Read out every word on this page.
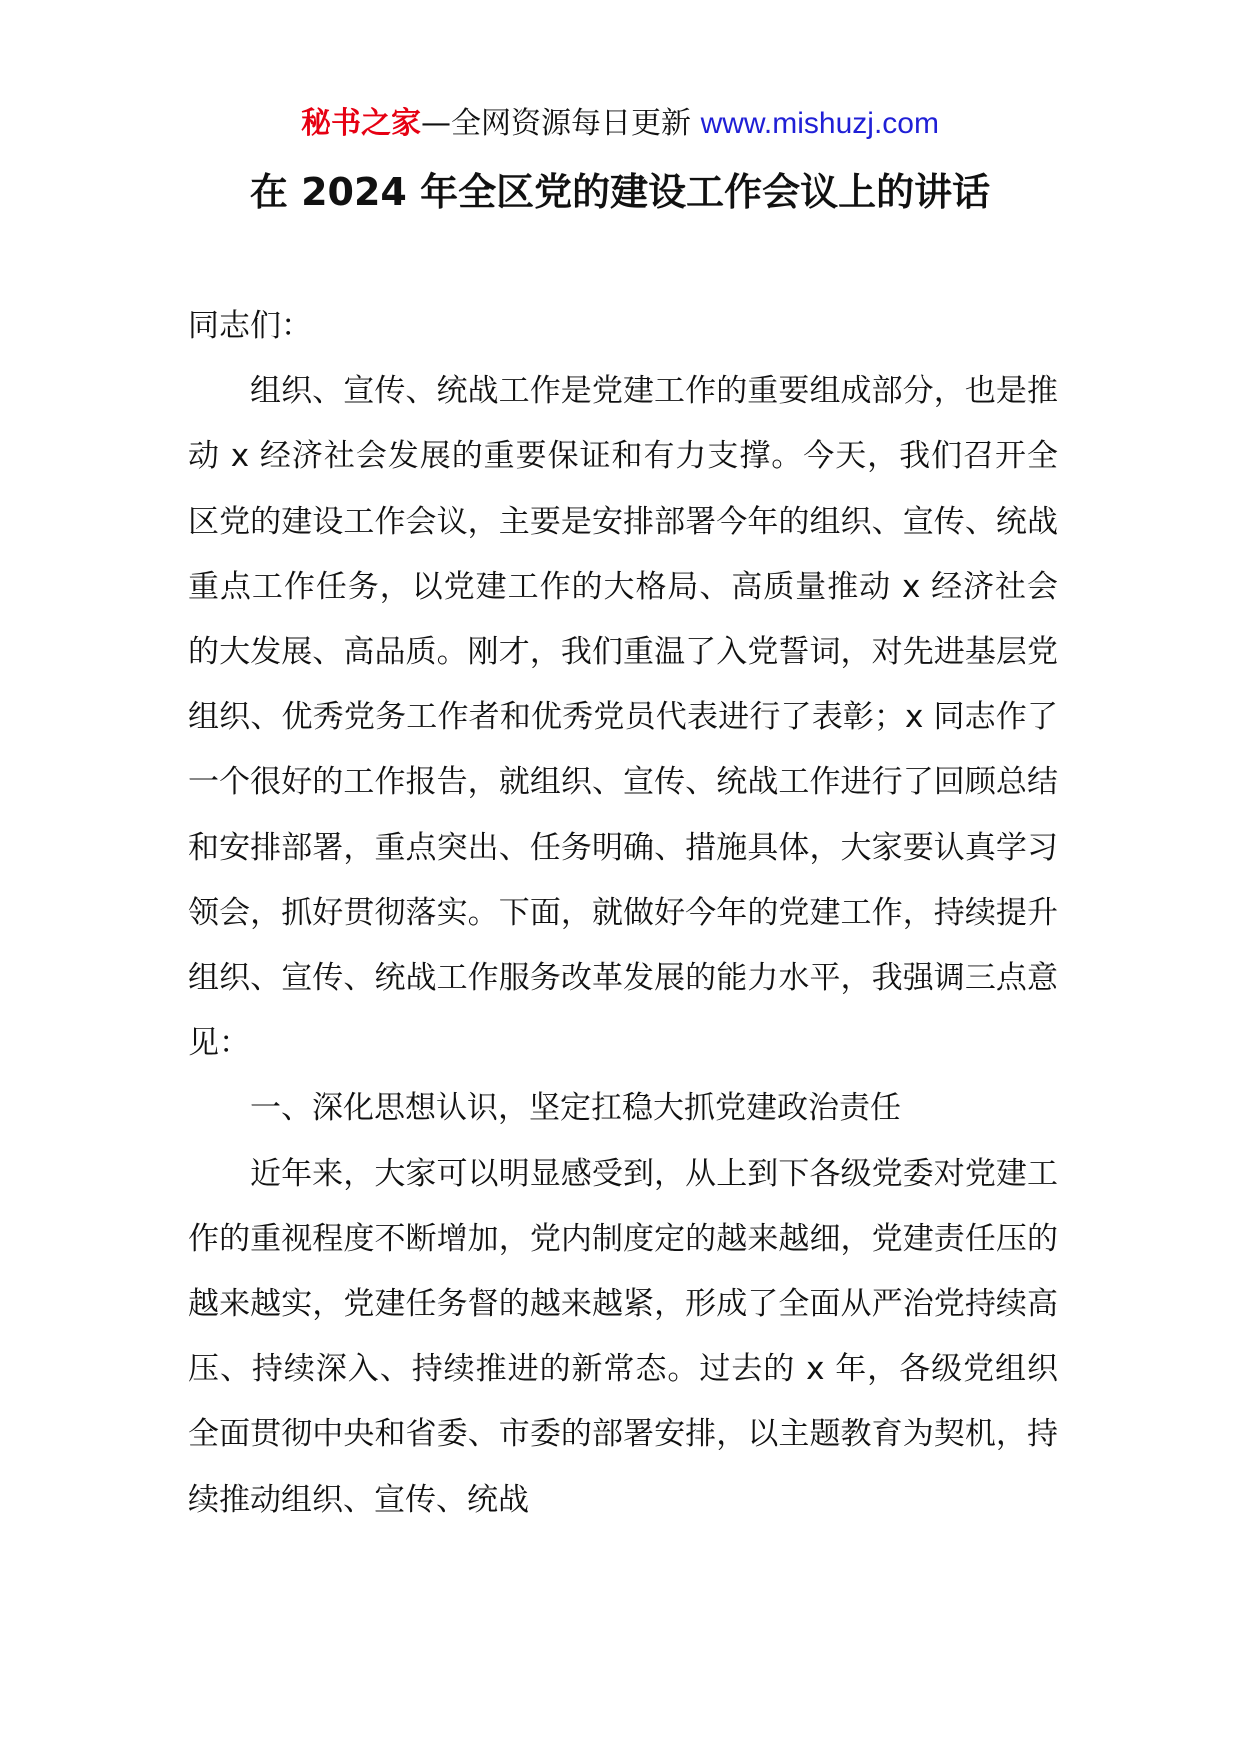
秘书之家—全网资源每日更新 www.mishuzj.com
在 2024 年全区党的建设工作会议上的讲话

同志们：

组织、宣传、统战工作是党建工作的重要组成部分，也是推动 x 经济社会发展的重要保证和有力支撑。今天，我们召开全区党的建设工作会议，主要是安排部署今年的组织、宣传、统战重点工作任务，以党建工作的大格局、高质量推动 x 经济社会的大发展、高品质。刚才，我们重温了入党誓词，对先进基层党组织、优秀党务工作者和优秀党员代表进行了表彰；x 同志作了一个很好的工作报告，就组织、宣传、统战工作进行了回顾总结和安排部署，重点突出、任务明确、措施具体，大家要认真学习领会，抓好贯彻落实。下面，就做好今年的党建工作，持续提升组织、宣传、统战工作服务改革发展的能力水平，我强调三点意见：

一、深化思想认识，坚定扛稳大抓党建政治责任

近年来，大家可以明显感受到，从上到下各级党委对党建工作的重视程度不断增加，党内制度定的越来越细，党建责任压的越来越实，党建任务督的越来越紧，形成了全面从严治党持续高压、持续深入、持续推进的新常态。过去的 x 年，各级党组织全面贯彻中央和省委、市委的部署安排，以主题教育为契机，持续推动组织、宣传、统战
